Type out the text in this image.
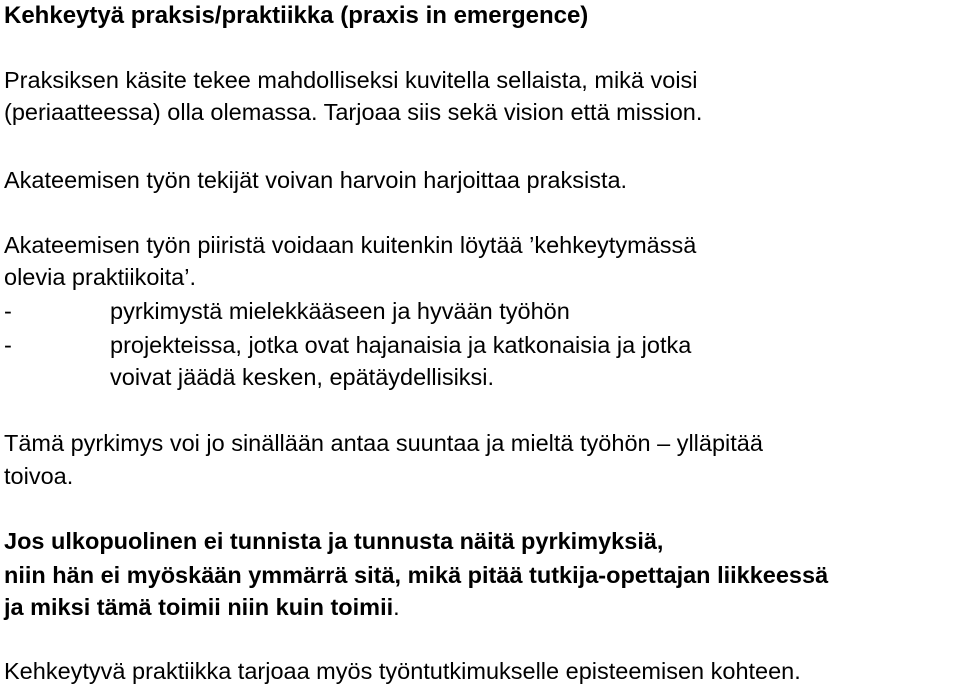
Kehkeytyä praksis/praktiikka (praxis in emergence)
Praksiksen käsite tekee mahdolliseksi kuvitella sellaista, mikä voisi
(periaatteessa) olla olemassa. Tarjoaa siis sekä vision että mission.
Akateemisen työn tekijät voivan harvoin harjoittaa praksista.
Akateemisen työn piiristä voidaan kuitenkin löytää ’kehkeytymässä
olevia praktiikoita’.
-	pyrkimystä mielekkääseen ja hyvään työhön
-	projekteissa, jotka ovat hajanaisia ja katkonaisia ja jotka
voivat jäädä kesken, epätäydellisiksi.
Tämä pyrkimys voi jo sinällään antaa suuntaa ja mieltä työhön – ylläpitää
toivoa.
Jos ulkopuolinen ei tunnista ja tunnusta näitä pyrkimyksiä,
niin hän ei myöskään ymmärrä sitä, mikä pitää tutkija-opettajan liikkeessä
ja miksi tämä toimii niin kuin toimii.
Kehkeytyvä praktiikka tarjoaa myös työntutkimukselle episteemisen kohteen.
